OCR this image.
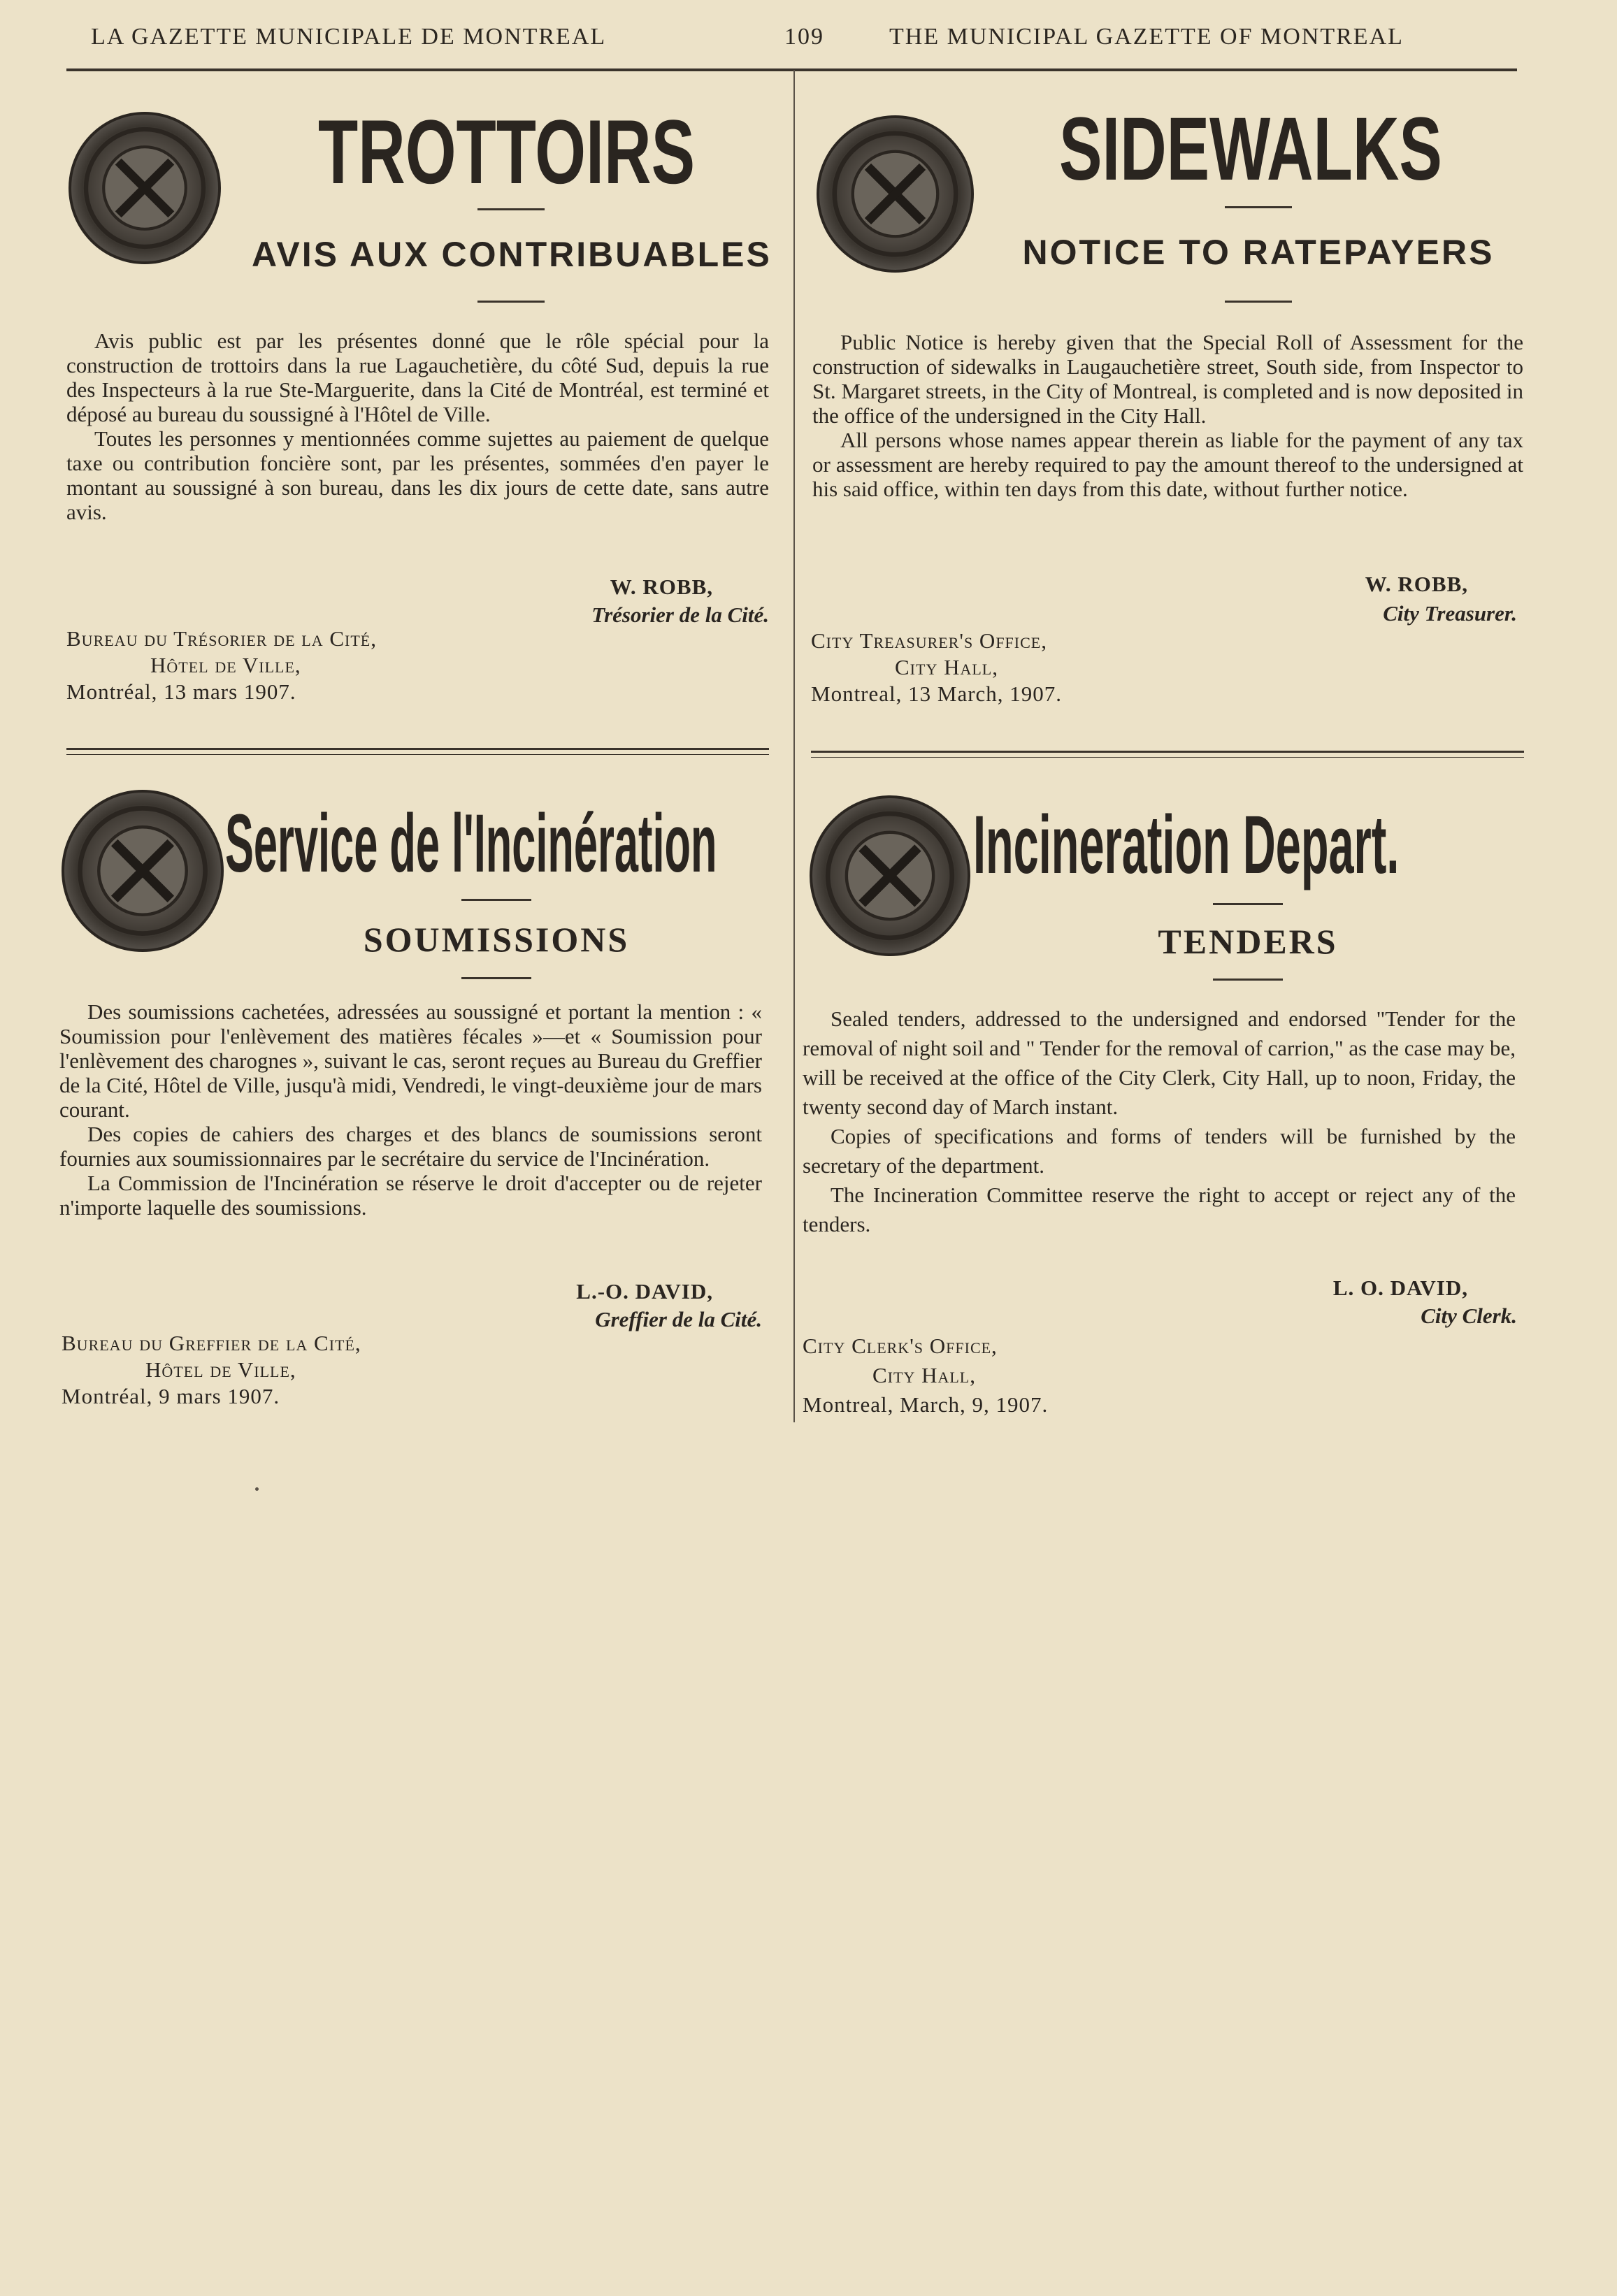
LA GAZETTE MUNICIPALE DE MONTREAL	109	THE MUNICIPAL GAZETTE OF MONTREAL
TROTTOIRS
AVIS AUX CONTRIBUABLES

Avis public est par les présentes donné que le rôle spécial pour la construction de trottoirs dans la rue Lagauchetière, du côté Sud, depuis la rue des Inspecteurs à la rue Ste-Marguerite, dans la Cité de Montréal, est terminé et déposé au bureau du soussigné à l'Hôtel de Ville.

Toutes les personnes y mentionnées comme sujettes au paiement de quelque taxe ou contribution foncière sont, par les présentes, sommées d'en payer le montant au soussigné à son bureau, dans les dix jours de cette date, sans autre avis.

W. ROBB,
Trésorier de la Cité.
Bureau du Trésorier de la Cité,
Hôtel de Ville,
Montréal, 13 mars 1907.
SIDEWALKS
NOTICE TO RATEPAYERS

Public Notice is hereby given that the Special Roll of Assessment for the construction of sidewalks in Laugauchetière street, South side, from Inspector to St. Margaret streets, in the City of Montreal, is completed and is now deposited in the office of the undersigned in the City Hall.

All persons whose names appear therein as liable for the payment of any tax or assessment are hereby required to pay the amount thereof to the undersigned at his said office, within ten days from this date, without further notice.

W. ROBB,
City Treasurer.
City Treasurer's Office,
City Hall,
Montreal, 13 March, 1907.
Service de l'Incinération
SOUMISSIONS

Des soumissions cachetées, adressées au soussigné et portant la mention : « Soumission pour l'enlèvement des matières fécales »—et « Soumission pour l'enlèvement des charognes », suivant le cas, seront reçues au Bureau du Greffier de la Cité, Hôtel de Ville, jusqu'à midi, Vendredi, le vingt-deuxième jour de mars courant.

Des copies de cahiers des charges et des blancs de soumissions seront fournies aux soumissionnaires par le secrétaire du service de l'Incinération.

La Commission de l'Incinération se réserve le droit d'accepter ou de rejeter n'importe laquelle des soumissions.

L.-O. DAVID,
Greffier de la Cité.
Bureau du Greffier de la Cité,
Hôtel de Ville,
Montréal, 9 mars 1907.
Incineration Depart.
TENDERS

Sealed tenders, addressed to the undersigned and endorsed "Tender for the removal of night soil and " Tender for the removal of carrion," as the case may be, will be received at the office of the City Clerk, City Hall, up to noon, Friday, the twenty second day of March instant.

Copies of specifications and forms of tenders will be furnished by the secretary of the department.

The Incineration Committee reserve the right to accept or reject any of the tenders.

L. O. DAVID,
City Clerk.
City Clerk's Office,
City Hall,
Montreal, March, 9, 1907.
